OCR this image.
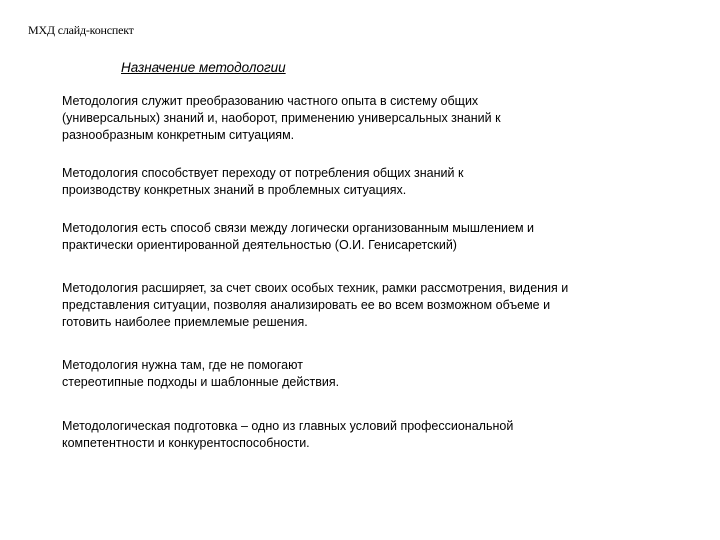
МХД слайд-конспект
Назначение методологии
Методология служит преобразованию частного опыта в систему общих
(универсальных) знаний и, наоборот, применению универсальных знаний к
разнообразным конкретным ситуациям.
Методология способствует переходу от потребления общих знаний к
производству конкретных знаний в проблемных ситуациях.
Методология есть способ связи между логически организованным мышлением и
практически ориентированной деятельностью (О.И. Генисаретский)
Методология расширяет, за счет своих особых техник, рамки рассмотрения, видения и
представления ситуации, позволяя анализировать ее во всем возможном объеме и
готовить наиболее приемлемые решения.
Методология нужна там, где не помогают
стереотипные подходы и шаблонные действия.
Методологическая подготовка – одно из главных условий профессиональной
компетентности и конкурентоспособности.
